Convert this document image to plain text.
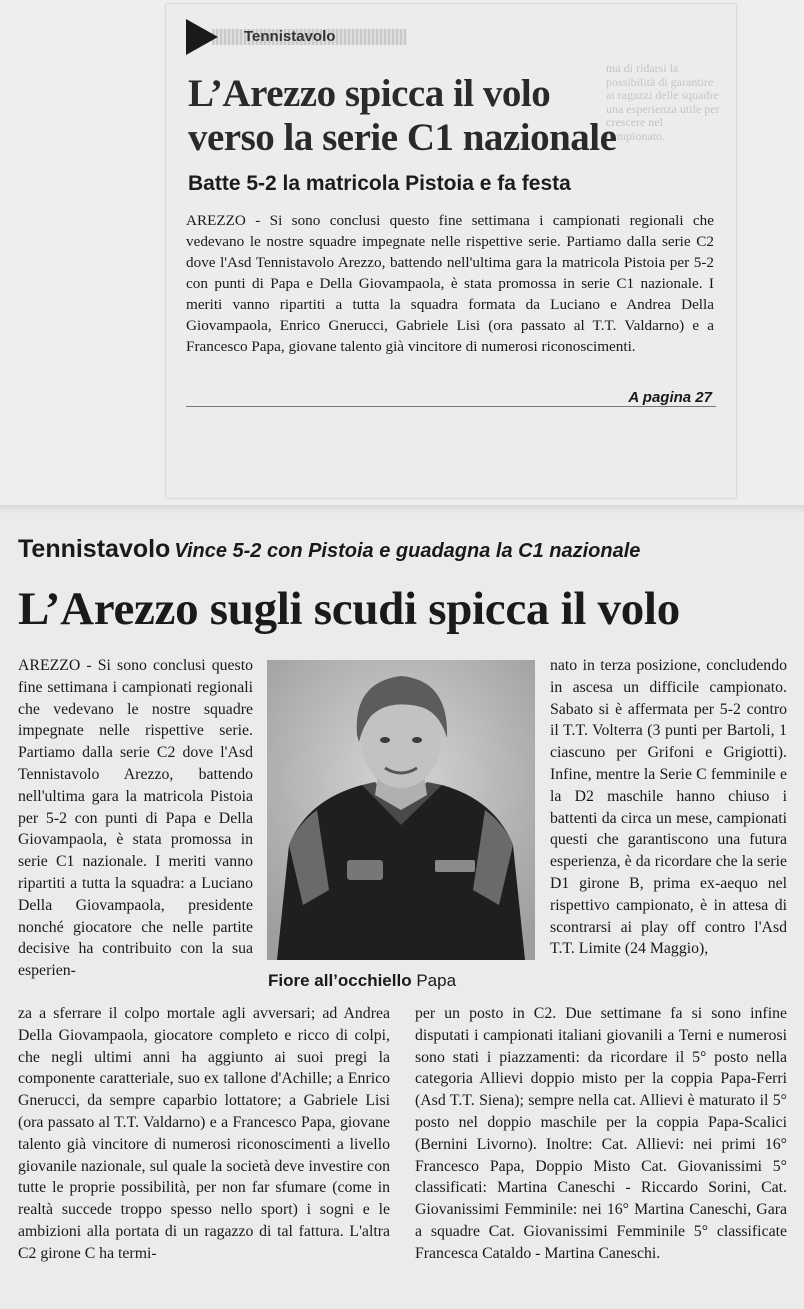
ma di ridarsi la possibilità di garantire ai ragazzi delle squadre una esperienza utile per crescere nel campionato.
Tennistavolo
L’Arezzo spicca il volo
verso la serie C1 nazionale
Batte 5-2 la matricola Pistoia e fa festa

AREZZO - Si sono conclusi questo fine settimana i campionati regionali che vedevano le nostre squadre impegnate nelle rispettive serie. Partiamo dalla serie C2 dove l'Asd Tennistavolo Arezzo, battendo nell'ultima gara la matricola Pistoia per 5-2 con punti di Papa e Della Giovampaola, è stata promossa in serie C1 nazionale. I meriti vanno ripartiti a tutta la squadra formata da Luciano e Andrea Della Giovampaola, Enrico Gnerucci, Gabriele Lisi (ora passato al T.T. Valdarno) e a Francesco Papa, giovane talento già vincitore di numerosi riconoscimenti.

A pagina 27

Tennistavolo Vince 5-2 con Pistoia e guadagna la C1 nazionale

L’Arezzo sugli scudi spicca il volo

AREZZO - Si sono conclusi questo fine settimana i campionati regionali che vedevano le nostre squadre impegnate nelle rispettive serie. Partiamo dalla serie C2 dove l'Asd Tennistavolo Arezzo, battendo nell'ultima gara la matricola Pistoia per 5-2 con punti di Papa e Della Giovampaola, è stata promossa in serie C1 nazionale. I meriti vanno ripartiti a tutta la squadra: a Luciano Della Giovampaola, presidente nonché giocatore che nelle partite decisive ha contribuito con la sua esperien-

Fiore all’occhiello Papa

nato in terza posizione, concludendo in ascesa un difficile campionato. Sabato si è affermata per 5-2 contro il T.T. Volterra (3 punti per Bartoli, 1 ciascuno per Grifoni e Grigiotti). Infine, mentre la Serie C femminile e la D2 maschile hanno chiuso i battenti da circa un mese, campionati questi che garantiscono una futura esperienza, è da ricordare che la serie D1 girone B, prima ex-aequo nel rispettivo campionato, è in attesa di scontrarsi ai play off contro l'Asd T.T. Limite (24 Maggio),

za a sferrare il colpo mortale agli avversari; ad Andrea Della Giovampaola, giocatore completo e ricco di colpi, che negli ultimi anni ha aggiunto ai suoi pregi la componente caratteriale, suo ex tallone d'Achille; a Enrico Gnerucci, da sempre caparbio lottatore; a Gabriele Lisi (ora passato al T.T. Valdarno) e a Francesco Papa, giovane talento già vincitore di numerosi riconoscimenti a livello giovanile nazionale, sul quale la società deve investire con tutte le proprie possibilità, per non far sfumare (come in realtà succede troppo spesso nello sport) i sogni e le ambizioni alla portata di un ragazzo di tal fattura. L'altra C2 girone C ha termi-

per un posto in C2. Due settimane fa si sono infine disputati i campionati italiani giovanili a Terni e numerosi sono stati i piazzamenti: da ricordare il 5° posto nella categoria Allievi doppio misto per la coppia Papa-Ferri (Asd T.T. Siena); sempre nella cat. Allievi è maturato il 5° posto nel doppio maschile per la coppia Papa-Scalici (Bernini Livorno). Inoltre: Cat. Allievi: nei primi 16° Francesco Papa, Doppio Misto Cat. Giovanissimi 5° classificati: Martina Caneschi - Riccardo Sorini, Cat. Giovanissimi Femminile: nei 16° Martina Caneschi, Gara a squadre Cat. Giovanissimi Femminile 5° classificate Francesca Cataldo - Martina Caneschi.
